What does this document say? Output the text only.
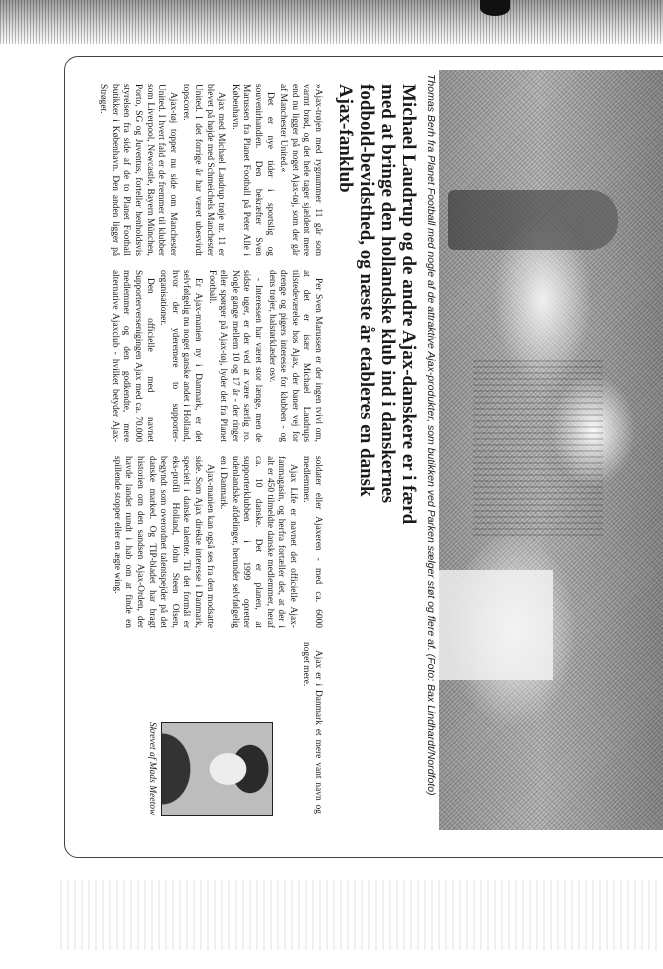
Thomas Berh fra Planet Football med nogle af de attraktive Ajax-produkter, som butikken ved Parken sælger støt og flere af. (Foto: Bax Lindhardt/Nordfoto)
Michael Laudrup og de andre Ajax-danskere er i færd med at bringe den hollandske klub ind i danskernes fodbold-bevidsthed, og næste år etableres en dansk Ajax-fanklub

»Ajax-trøjen med rygnummer 11 går som varmt brød, og det hele tager sjældent mere end nu ligger på noget Ajax-tøj, som der går af Manchester United.«

Det er nye tider i sportslig og souvenirhandlen. Den bekræfter Sven Marussen fra Planet Football på Peter Alle i København.

Ajax med Michael Laudrup trøje nr. 11 er blevet på højde med Schmeichels Manchester United. I det forrige år har været ubesvirdt topscorer.

Ajax-tøj topper nu side om Manchester United. I hvert fald er de fremmer til klubber som Liverpool, Newcastle, Bayern München, Porto, SG og Juventus, forteller henholdsvis styrelsen fra side af de to Planet Football butikker i København. Den anden ligger på Strøget.

Per Sven Marussen er der ingen tvivl om, at det er især Michael Laudrups tilstedeværelse hos Ajax, der baner vej for drenge og pigers interesse for klubben - og dens trøjer, halstørklæder osv.

- Interessen har været stor længe, men de sidste uger, er der ved at være særlig ro. Nogle gange mellem 10 og 17 år - der ringer eller spørger på Ajax-tøj, lyder det fra Planet Football.

Er Ajax-manien ny i Danmark, er det selvfølgelig nu noget ganske andet i Holland, hvor der yderemere to supporter-organisationer.

Den officielle med navnet Supporterversenigingen Ajax med ca. 70.000 medlemmer og den godkendte, mere alternative Ajaxclub - hvilket betyder Ajax-soldater eller Ajaxeren - med ca. 6000 medlemmer.

Ajax Life er navnet det officielle Ajax-fanmagasin, og herfra fortæller det, at der i alt er 450 tilmeldte danske medlemmer, heraf ca. 10 danske. Det er planen, at supporterklubben i 1999 opretter udenlandske afdelinger, herunder selvfølgelig en i Danmark.

Ajax-manien kan også ses fra den modsatte side. Som Ajax direkte interesse i Danmark, specielt i danske talenter. Til det formål er eks-profil Holland, John Steen Olsen, begyndt som overordnet talentspejder på det danske marked. Og TIP-bladet har bragt historien om den sandsen Ajax-Orden, der havde landet rundt i hab om at finde en spillende stopper eller en ægte wing.

Ajax er i Danmark et mere vant navn og noget mere.

Skrevet af Mads Meetow
